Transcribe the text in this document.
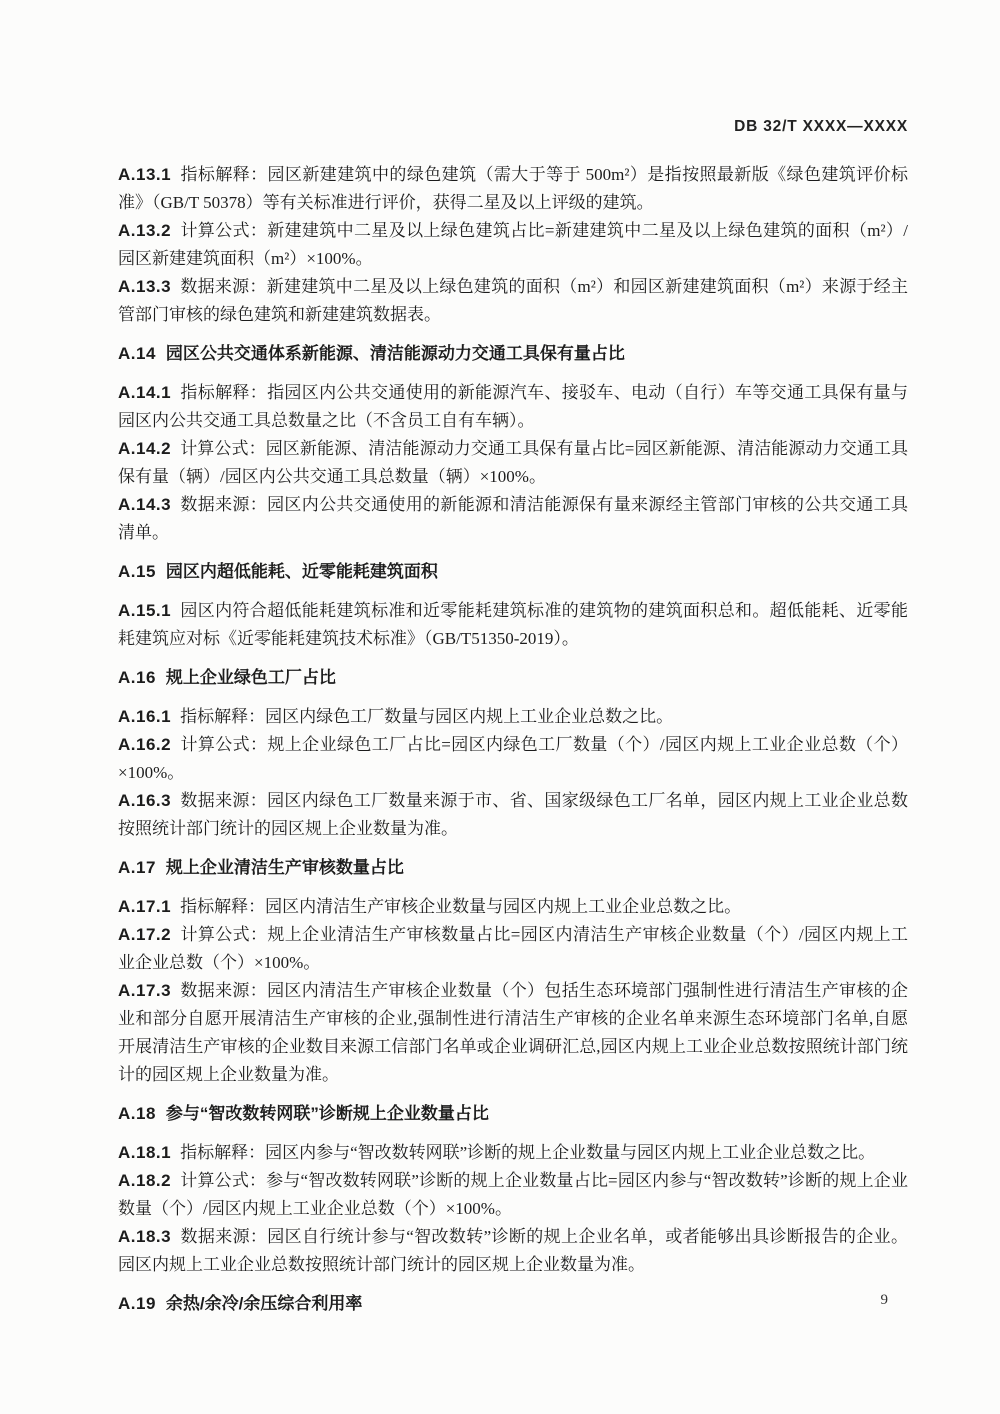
DB 32/T XXXX—XXXX

A.13.1 指标解释：园区新建建筑中的绿色建筑（需大于等于 500m²）是指按照最新版《绿色建筑评价标准》（GB/T 50378）等有关标准进行评价，获得二星及以上评级的建筑。

A.13.2 计算公式：新建建筑中二星及以上绿色建筑占比=新建建筑中二星及以上绿色建筑的面积（m²）/园区新建建筑面积（m²）×100%。

A.13.3 数据来源：新建建筑中二星及以上绿色建筑的面积（m²）和园区新建建筑面积（m²）来源于经主管部门审核的绿色建筑和新建建筑数据表。

A.14 园区公共交通体系新能源、清洁能源动力交通工具保有量占比

A.14.1 指标解释：指园区内公共交通使用的新能源汽车、接驳车、电动（自行）车等交通工具保有量与园区内公共交通工具总数量之比（不含员工自有车辆）。

A.14.2 计算公式：园区新能源、清洁能源动力交通工具保有量占比=园区新能源、清洁能源动力交通工具保有量（辆）/园区内公共交通工具总数量（辆）×100%。

A.14.3 数据来源：园区内公共交通使用的新能源和清洁能源保有量来源经主管部门审核的公共交通工具清单。

A.15 园区内超低能耗、近零能耗建筑面积

A.15.1 园区内符合超低能耗建筑标准和近零能耗建筑标准的建筑物的建筑面积总和。超低能耗、近零能耗建筑应对标《近零能耗建筑技术标准》（GB/T51350-2019）。

A.16 规上企业绿色工厂占比

A.16.1 指标解释：园区内绿色工厂数量与园区内规上工业企业总数之比。

A.16.2 计算公式：规上企业绿色工厂占比=园区内绿色工厂数量（个）/园区内规上工业企业总数（个）×100%。

A.16.3 数据来源：园区内绿色工厂数量来源于市、省、国家级绿色工厂名单，园区内规上工业企业总数按照统计部门统计的园区规上企业数量为准。

A.17 规上企业清洁生产审核数量占比

A.17.1 指标解释：园区内清洁生产审核企业数量与园区内规上工业企业总数之比。

A.17.2 计算公式：规上企业清洁生产审核数量占比=园区内清洁生产审核企业数量（个）/园区内规上工业企业总数（个）×100%。

A.17.3 数据来源：园区内清洁生产审核企业数量（个）包括生态环境部门强制性进行清洁生产审核的企业和部分自愿开展清洁生产审核的企业,强制性进行清洁生产审核的企业名单来源生态环境部门名单,自愿开展清洁生产审核的企业数目来源工信部门名单或企业调研汇总,园区内规上工业企业总数按照统计部门统计的园区规上企业数量为准。

A.18 参与“智改数转网联”诊断规上企业数量占比

A.18.1 指标解释：园区内参与“智改数转网联”诊断的规上企业数量与园区内规上工业企业总数之比。

A.18.2 计算公式：参与“智改数转网联”诊断的规上企业数量占比=园区内参与“智改数转”诊断的规上企业数量（个）/园区内规上工业企业总数（个）×100%。

A.18.3 数据来源：园区自行统计参与“智改数转”诊断的规上企业名单，或者能够出具诊断报告的企业。园区内规上工业企业总数按照统计部门统计的园区规上企业数量为准。

A.19 余热/余冷/余压综合利用率	9
